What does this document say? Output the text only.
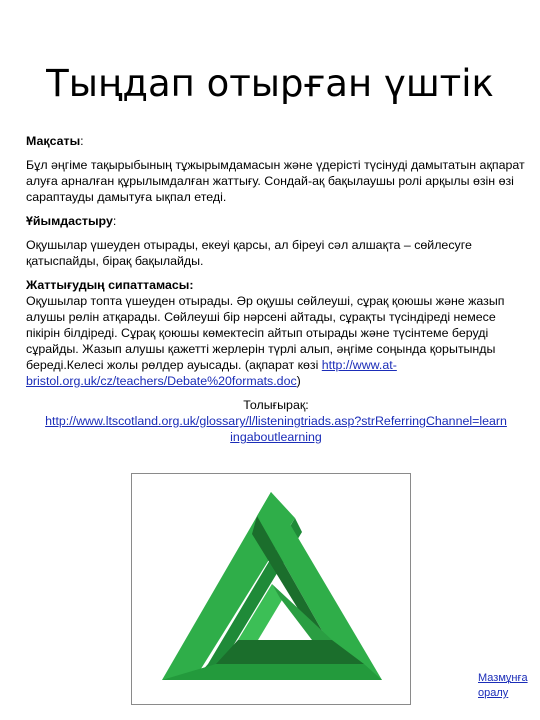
Тыңдап отырған үштік

Мақсаты:

Бұл әңгіме тақырыбының тұжырымдамасын және үдерісті түсінуді дамытатын ақпарат алуға арналған құрылымдалған жаттығу. Сондай-ақ бақылаушы ролі арқылы өзін өзі сараптауды дамытуға ықпал етеді.

Ұйымдастыру:

Оқушылар үшеуден отырады, екеуі қарсы, ал біреуі сәл алшақта – сөйлесуге қатыспайды, бірақ бақылайды.

Жаттығудың сипаттамасы:

Оқушылар топта үшеуден отырады. Әр оқушы сөйлеуші, сұрақ қоюшы және жазып алушы рөлін атқарады. Сөйлеуші бір нәрсені айтады, сұрақты түсіндіреді немесе пікірін білдіреді. Сұрақ қоюшы көмектесіп айтып отырады және түсінтеме беруді сұрайды. Жазып алушы қажетті жерлерін түрлі алып, әңгіме соңында қорытынды береді.Келесі жолы рөлдер ауысады. (ақпарат көзі http://www.at-bristol.org.uk/cz/teachers/Debate%20formats.doc)

Толығырақ:

http://www.ltscotland.org.uk/glossary/l/listeningtriads.asp?strReferringChannel=learningaboutlearning

Мазмұнға оралу
